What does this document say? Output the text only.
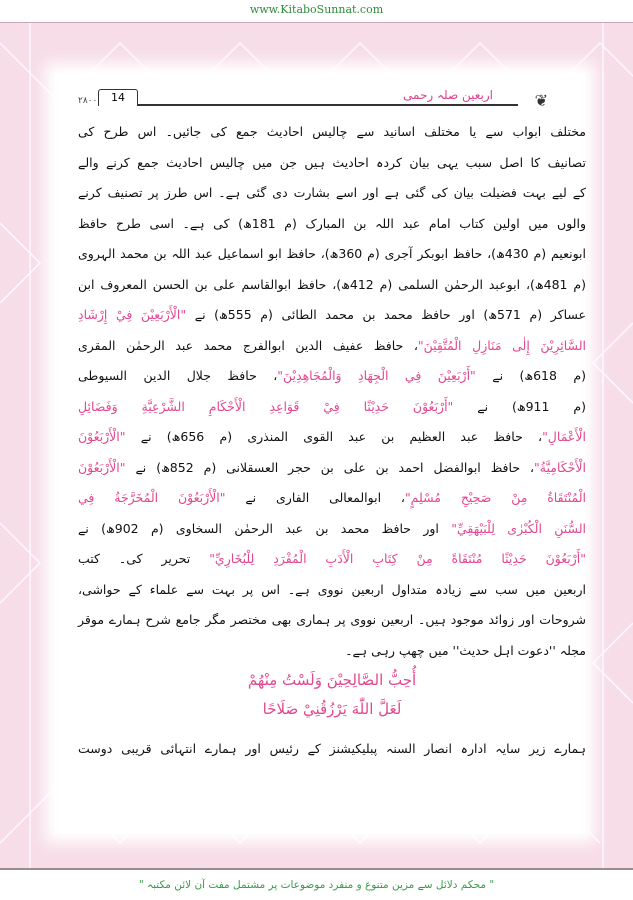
www.KitaboSunnat.com
۲۸۰۰	14	اربعین صلہ رحمی	❦
مختلف ابواب سے یا مختلف اسانید سے چالیس احادیث جمع کی جائیں۔ اس طرح کی
تصانیف کا اصل سبب یہی بیان کردہ احادیث ہیں جن میں چالیس احادیث جمع کرنے والے
کے لیے بہت فضیلت بیان کی گئی ہے اور اسے بشارت دی گئی ہے۔ اس طرز پر تصنیف کرنے
والوں میں اولین کتاب امام عبد اللہ بن المبارک (م 181ھ) کی ہے۔ اسی طرح حافظ
ابونعیم (م 430ھ)، حافظ ابوبکر آجری (م 360ھ)، حافظ ابو اسماعیل عبد اللہ بن محمد الہروی
(م 481ھ)، ابوعبد الرحمٰن السلمی (م 412ھ)، حافظ ابوالقاسم علی بن الحسن المعروف ابن
عساکر (م 571ھ) اور حافظ محمد بن محمد الطائی (م 555ھ) نے "الْأَرْبَعِيْنَ فِيْ إِرْشَادِ
السَّائِرِيْنَ إِلٰى مَنَازِلِ الْمُتَّقِيْنَ"، حافظ عفیف الدین ابوالفرج محمد عبد الرحمٰن المقری
(م 618ھ) نے "أَرْبَعِيْنَ فِي الْجِهَادِ وَالْمُجَاهِدِيْنَ"، حافظ جلال الدین السیوطی
(م 911ھ) نے "أَرْبَعُوْنَ حَدِيْثًا فِيْ قَوَاعِدِ الْأَحْكَامِ الشَّرْعِيَّةِ وَفَضَائِلِ
الْأَعْمَالِ"، حافظ عبد العظیم بن عبد القوی المنذری (م 656ھ) نے "الْأَرْبَعُوْنَ
الْأَحْكَامِيَّةُ"، حافظ ابوالفضل احمد بن علی بن حجر العسقلانی (م 852ھ) نے "الْأَرْبَعُوْنَ
الْمُنْتَقَاةُ مِنْ صَحِيْحِ مُسْلِمٍ"، ابوالمعالی الفاری نے "الْأَرْبَعُوْنَ الْمُخَرَّجَةُ فِي
السُّنَنِ الْكُبْرٰى لِلْبَيْهَقِيِّ" اور حافظ محمد بن عبد الرحمٰن السخاوی (م 902ھ) نے
"أَرْبَعُوْنَ حَدِيْثًا مُنْتَقَاةً مِنْ كِتَابِ الْأَدَبِ الْمُفْرَدِ لِلْبُخَارِيِّ" تحریر کی۔ کتب
اربعین میں سب سے زیادہ متداول اربعین نووی ہے۔ اس پر بہت سے علماء کے حواشی،
شروحات اور زوائد موجود ہیں۔ اربعین نووی پر ہماری بھی مختصر مگر جامع شرح ہمارے موقر
مجلہ ''دعوت اہل حدیث'' میں چھپ رہی ہے۔
أُحِبُّ الصَّالِحِيْنَ وَلَسْتُ مِنْهُمْ
لَعَلَّ اللّٰهَ يَرْزُقُنِيْ صَلَاحًا
ہمارے زیر سایہ ادارہ انصار السنہ پبلیکیشنز کے رئیس اور ہمارے انتہائی قریبی دوست
" محکم دلائل سے مزین متنوع و منفرد موضوعات پر مشتمل مفت آن لائن مکتبہ "
